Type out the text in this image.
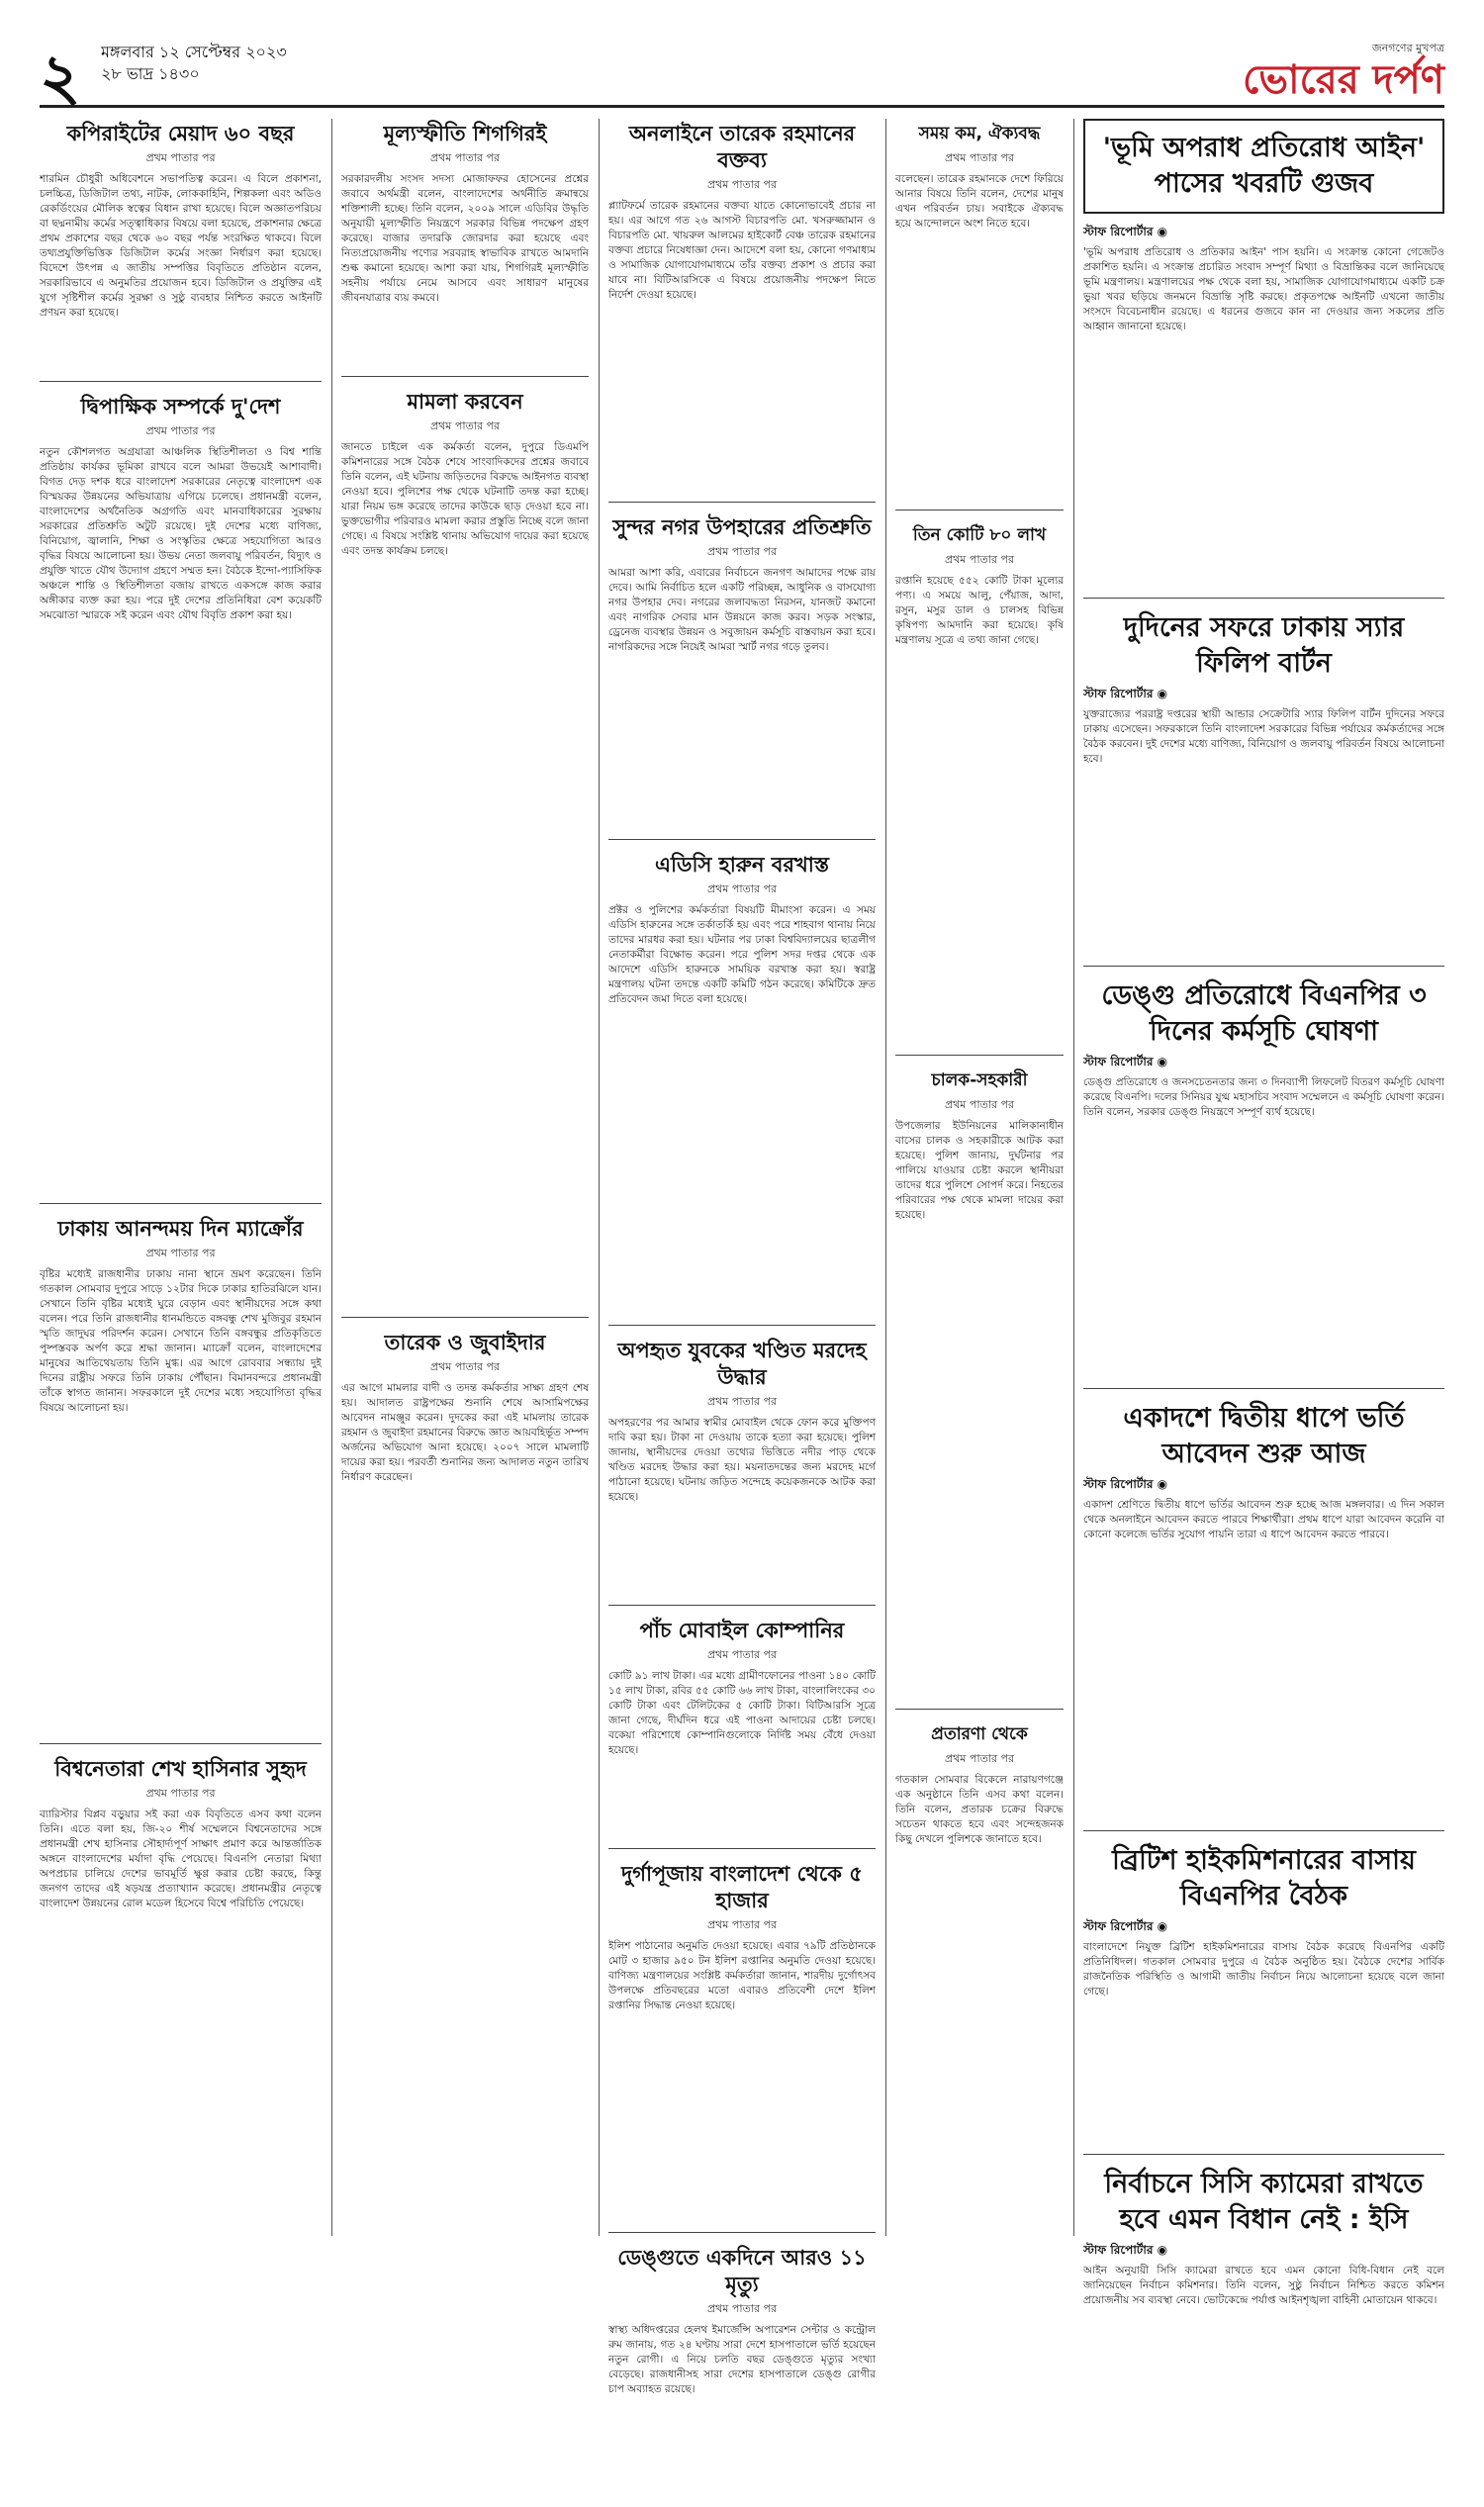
২ মঙ্গলবার ১২ সেপ্টেম্বর ২০২৩
২৮ ভাদ্র ১৪৩০
জনগণের মুখপত্র
ভোরের দর্পণ
কপিরাইটের মেয়াদ ৬০ বছর
প্রথম পাতার পর
শারমিন চৌধুরী অধিবেশনে সভাপতিত্ব করেন। এ বিলে প্রকাশনা, চলচ্চিত্র, ডিজিটাল তথ্য, নাটক, লোককাহিনি, শিল্পকলা এবং অডিও রেকর্ডিংয়ের মৌলিক স্বত্বের বিধান রাখা হয়েছে। বিলে অজ্ঞাতপরিচয় বা ছদ্মনামীয় কর্মের সত্ত্বাধিকার বিষয়ে বলা হয়েছে, প্রকাশনার ক্ষেত্রে প্রথম প্রকাশের বছর থেকে ৬০ বছর পর্যন্ত সংরক্ষিত থাকবে। বিলে তথ্যপ্রযুক্তিভিত্তিক ডিজিটাল কর্মের সংজ্ঞা নির্ধারণ করা হয়েছে। বিদেশে উৎপন্ন এ জাতীয় সম্পত্তির বিবৃতিতে প্রতিষ্ঠান বলেন, সরকারিভাবে এ অনুমতির প্রয়োজন হবে। ডিজিটাল ও প্রযুক্তির এই যুগে সৃষ্টিশীল কর্মের সুরক্ষা ও সুষ্ঠু ব্যবহার নিশ্চিত করতে আইনটি প্রণয়ন করা হয়েছে।
দ্বিপাক্ষিক সম্পর্কে দু'দেশ
প্রথম পাতার পর
নতুন কৌশলগত অগ্রযাত্রা আঞ্চলিক স্থিতিশীলতা ও বিশ্ব শান্তি প্রতিষ্ঠায় কার্যকর ভূমিকা রাখবে বলে আমরা উভয়েই আশাবাদী। বিগত দেড় দশক ধরে বাংলাদেশ সরকারের নেতৃত্বে বাংলাদেশ এক বিস্ময়কর উন্নয়নের অভিযাত্রায় এগিয়ে চলেছে। প্রধানমন্ত্রী বলেন, বাংলাদেশের অর্থনৈতিক অগ্রগতি এবং মানবাধিকারের সুরক্ষায় সরকারের প্রতিশ্রুতি অটুট রয়েছে। দুই দেশের মধ্যে বাণিজ্য, বিনিয়োগ, জ্বালানি, শিক্ষা ও সংস্কৃতির ক্ষেত্রে সহযোগিতা আরও বৃদ্ধির বিষয়ে আলোচনা হয়। উভয় নেতা জলবায়ু পরিবর্তন, বিদ্যুৎ ও প্রযুক্তি খাতে যৌথ উদ্যোগ গ্রহণে সম্মত হন। বৈঠকে ইন্দো-প্যাসিফিক অঞ্চলে শান্তি ও স্থিতিশীলতা বজায় রাখতে একসঙ্গে কাজ করার অঙ্গীকার ব্যক্ত করা হয়। পরে দুই দেশের প্রতিনিধিরা বেশ কয়েকটি সমঝোতা স্মারকে সই করেন এবং যৌথ বিবৃতি প্রকাশ করা হয়।
ঢাকায় আনন্দময় দিন ম্যাক্রোঁর
প্রথম পাতার পর
বৃষ্টির মধ্যেই রাজধানীর ঢাকায় নানা স্থানে ভ্রমণ করেছেন। তিনি গতকাল সোমবার দুপুরে সাড়ে ১২টার দিকে ঢাকার হাতিরঝিলে যান। সেখানে তিনি বৃষ্টির মধ্যেই ঘুরে বেড়ান এবং স্থানীয়দের সঙ্গে কথা বলেন। পরে তিনি রাজধানীর ধানমন্ডিতে বঙ্গবন্ধু শেখ মুজিবুর রহমান স্মৃতি জাদুঘর পরিদর্শন করেন। সেখানে তিনি বঙ্গবন্ধুর প্রতিকৃতিতে পুষ্পস্তবক অর্পণ করে শ্রদ্ধা জানান। ম্যাক্রোঁ বলেন, বাংলাদেশের মানুষের আতিথেয়তায় তিনি মুগ্ধ। এর আগে রোববার সন্ধ্যায় দুই দিনের রাষ্ট্রীয় সফরে তিনি ঢাকায় পৌঁছান। বিমানবন্দরে প্রধানমন্ত্রী তাঁকে স্বাগত জানান। সফরকালে দুই দেশের মধ্যে সহযোগিতা বৃদ্ধির বিষয়ে আলোচনা হয়।
বিশ্বনেতারা শেখ হাসিনার সুহৃদ
প্রথম পাতার পর
ব্যারিস্টার বিপ্লব বড়ুয়ার সই করা এক বিবৃতিতে এসব কথা বলেন তিনি। এতে বলা হয়, জি-২০ শীর্ষ সম্মেলনে বিশ্বনেতাদের সঙ্গে প্রধানমন্ত্রী শেখ হাসিনার সৌহার্দ্যপূর্ণ সাক্ষাৎ প্রমাণ করে আন্তর্জাতিক অঙ্গনে বাংলাদেশের মর্যাদা বৃদ্ধি পেয়েছে। বিএনপি নেতারা মিথ্যা অপপ্রচার চালিয়ে দেশের ভাবমূর্তি ক্ষুণ্ণ করার চেষ্টা করছে, কিন্তু জনগণ তাদের এই ষড়যন্ত্র প্রত্যাখ্যান করেছে। প্রধানমন্ত্রীর নেতৃত্বে বাংলাদেশ উন্নয়নের রোল মডেল হিসেবে বিশ্বে পরিচিতি পেয়েছে।
মূল্যস্ফীতি শিগগিরই
প্রথম পাতার পর
সরকারদলীয় সংসদ সদস্য মোজাফফর হোসেনের প্রশ্নের জবাবে অর্থমন্ত্রী বলেন, বাংলাদেশের অর্থনীতি ক্রমান্বয়ে শক্তিশালী হচ্ছে। তিনি বলেন, ২০০৯ সালে এডিবির উদ্ধৃতি অনুযায়ী মূল্যস্ফীতি নিয়ন্ত্রণে সরকার বিভিন্ন পদক্ষেপ গ্রহণ করেছে। বাজার তদারকি জোরদার করা হয়েছে এবং নিত্যপ্রয়োজনীয় পণ্যের সরবরাহ স্বাভাবিক রাখতে আমদানি শুল্ক কমানো হয়েছে। আশা করা যায়, শিগগিরই মূল্যস্ফীতি সহনীয় পর্যায়ে নেমে আসবে এবং সাধারণ মানুষের জীবনযাত্রার ব্যয় কমবে।
মামলা করবেন
প্রথম পাতার পর
জানতে চাইলে এক কর্মকর্তা বলেন, দুপুরে ডিএমপি কমিশনারের সঙ্গে বৈঠক শেষে সাংবাদিকদের প্রশ্নের জবাবে তিনি বলেন, এই ঘটনায় জড়িতদের বিরুদ্ধে আইনগত ব্যবস্থা নেওয়া হবে। পুলিশের পক্ষ থেকে ঘটনাটি তদন্ত করা হচ্ছে। যারা নিয়ম ভঙ্গ করেছে তাদের কাউকে ছাড় দেওয়া হবে না। ভুক্তভোগীর পরিবারও মামলা করার প্রস্তুতি নিচ্ছে বলে জানা গেছে। এ বিষয়ে সংশ্লিষ্ট থানায় অভিযোগ দায়ের করা হয়েছে এবং তদন্ত কার্যক্রম চলছে।
তারেক ও জুবাইদার
প্রথম পাতার পর
এর আগে মামলার বাদী ও তদন্ত কর্মকর্তার সাক্ষ্য গ্রহণ শেষ হয়। আদালত রাষ্ট্রপক্ষের শুনানি শেষে আসামিপক্ষের আবেদন নামঞ্জুর করেন। দুদকের করা এই মামলায় তারেক রহমান ও জুবাইদা রহমানের বিরুদ্ধে জ্ঞাত আয়বহির্ভূত সম্পদ অর্জনের অভিযোগ আনা হয়েছে। ২০০৭ সালে মামলাটি দায়ের করা হয়। পরবর্তী শুনানির জন্য আদালত নতুন তারিখ নির্ধারণ করেছেন।
অনলাইনে তারেক রহমানের বক্তব্য
প্রথম পাতার পর
প্ল্যাটফর্মে তারেক রহমানের বক্তব্য যাতে কোনোভাবেই প্রচার না হয়। এর আগে গত ২৬ আগস্ট বিচারপতি মো. খসরুজ্জামান ও বিচারপতি মো. খায়রুল আলমের হাইকোর্ট বেঞ্চ তারেক রহমানের বক্তব্য প্রচারে নিষেধাজ্ঞা দেন। আদেশে বলা হয়, কোনো গণমাধ্যম ও সামাজিক যোগাযোগমাধ্যমে তাঁর বক্তব্য প্রকাশ ও প্রচার করা যাবে না। বিটিআরসিকে এ বিষয়ে প্রয়োজনীয় পদক্ষেপ নিতে নির্দেশ দেওয়া হয়েছে।
সুন্দর নগর উপহারের প্রতিশ্রুতি
প্রথম পাতার পর
আমরা আশা করি, এবারের নির্বাচনে জনগণ আমাদের পক্ষে রায় দেবে। আমি নির্বাচিত হলে একটি পরিচ্ছন্ন, আধুনিক ও বাসযোগ্য নগর উপহার দেব। নগরের জলাবদ্ধতা নিরসন, যানজট কমানো এবং নাগরিক সেবার মান উন্নয়নে কাজ করব। সড়ক সংস্কার, ড্রেনেজ ব্যবস্থার উন্নয়ন ও সবুজায়ন কর্মসূচি বাস্তবায়ন করা হবে। নাগরিকদের সঙ্গে নিয়েই আমরা স্মার্ট নগর গড়ে তুলব।
এডিসি হারুন বরখাস্ত
প্রথম পাতার পর
প্রক্টর ও পুলিশের কর্মকর্তারা বিষয়টি মীমাংসা করেন। এ সময় এডিসি হারুনের সঙ্গে তর্কাতর্কি হয় এবং পরে শাহবাগ থানায় নিয়ে তাদের মারধর করা হয়। ঘটনার পর ঢাকা বিশ্ববিদ্যালয়ের ছাত্রলীগ নেতাকর্মীরা বিক্ষোভ করেন। পরে পুলিশ সদর দপ্তর থেকে এক আদেশে এডিসি হারুনকে সাময়িক বরখাস্ত করা হয়। স্বরাষ্ট্র মন্ত্রণালয় ঘটনা তদন্তে একটি কমিটি গঠন করেছে। কমিটিকে দ্রুত প্রতিবেদন জমা দিতে বলা হয়েছে।
অপহৃত যুবকের খণ্ডিত মরদেহ উদ্ধার
প্রথম পাতার পর
অপহরণের পর আমার স্বামীর মোবাইল থেকে ফোন করে মুক্তিপণ দাবি করা হয়। টাকা না দেওয়ায় তাকে হত্যা করা হয়েছে। পুলিশ জানায়, স্থানীয়দের দেওয়া তথ্যের ভিত্তিতে নদীর পাড় থেকে খণ্ডিত মরদেহ উদ্ধার করা হয়। ময়নাতদন্তের জন্য মরদেহ মর্গে পাঠানো হয়েছে। ঘটনায় জড়িত সন্দেহে কয়েকজনকে আটক করা হয়েছে।
পাঁচ মোবাইল কোম্পানির
প্রথম পাতার পর
কোটি ৯১ লাখ টাকা। এর মধ্যে গ্রামীণফোনের পাওনা ১৪০ কোটি ১৫ লাখ টাকা, রবির ৫৫ কোটি ৬৬ লাখ টাকা, বাংলালিংকের ৩০ কোটি টাকা এবং টেলিটকের ৫ কোটি টাকা। বিটিআরসি সূত্রে জানা গেছে, দীর্ঘদিন ধরে এই পাওনা আদায়ের চেষ্টা চলছে। বকেয়া পরিশোধে কোম্পানিগুলোকে নির্দিষ্ট সময় বেঁধে দেওয়া হয়েছে।
দুর্গাপূজায় বাংলাদেশ থেকে ৫ হাজার
প্রথম পাতার পর
ইলিশ পাঠানোর অনুমতি দেওয়া হয়েছে। এবার ৭৯টি প্রতিষ্ঠানকে মোট ৩ হাজার ৯৫০ টন ইলিশ রপ্তানির অনুমতি দেওয়া হয়েছে। বাণিজ্য মন্ত্রণালয়ের সংশ্লিষ্ট কর্মকর্তারা জানান, শারদীয় দুর্গোৎসব উপলক্ষে প্রতিবছরের মতো এবারও প্রতিবেশী দেশে ইলিশ রপ্তানির সিদ্ধান্ত নেওয়া হয়েছে।
ডেঙ্গুতে একদিনে আরও ১১ মৃত্যু
প্রথম পাতার পর
স্বাস্থ্য অধিদপ্তরের হেলথ ইমার্জেন্সি অপারেশন সেন্টার ও কন্ট্রোল রুম জানায়, গত ২৪ ঘণ্টায় সারা দেশে হাসপাতালে ভর্তি হয়েছেন নতুন রোগী। এ নিয়ে চলতি বছর ডেঙ্গুতে মৃত্যুর সংখ্যা বেড়েছে। রাজধানীসহ সারা দেশের হাসপাতালে ডেঙ্গু রোগীর চাপ অব্যাহত রয়েছে।
সময় কম, ঐক্যবদ্ধ
প্রথম পাতার পর
বলেছেন। তারেক রহমানকে দেশে ফিরিয়ে আনার বিষয়ে তিনি বলেন, দেশের মানুষ এখন পরিবর্তন চায়। সবাইকে ঐক্যবদ্ধ হয়ে আন্দোলনে অংশ নিতে হবে।
তিন কোটি ৮০ লাখ
প্রথম পাতার পর
রপ্তানি হয়েছে ৫৫২ কোটি টাকা মূল্যের পণ্য। এ সময়ে আলু, পেঁয়াজ, আদা, রসুন, মসুর ডাল ও চালসহ বিভিন্ন কৃষিপণ্য আমদানি করা হয়েছে। কৃষি মন্ত্রণালয় সূত্রে এ তথ্য জানা গেছে।
চালক-সহকারী
প্রথম পাতার পর
উপজেলার ইউনিয়নের মালিকানাধীন বাসের চালক ও সহকারীকে আটক করা হয়েছে। পুলিশ জানায়, দুর্ঘটনার পর পালিয়ে যাওয়ার চেষ্টা করলে স্থানীয়রা তাদের ধরে পুলিশে সোপর্দ করে। নিহতের পরিবারের পক্ষ থেকে মামলা দায়ের করা হয়েছে।
প্রতারণা থেকে
প্রথম পাতার পর
গতকাল সোমবার বিকেলে নারায়ণগঞ্জে এক অনুষ্ঠানে তিনি এসব কথা বলেন। তিনি বলেন, প্রতারক চক্রের বিরুদ্ধে সচেতন থাকতে হবে এবং সন্দেহজনক কিছু দেখলে পুলিশকে জানাতে হবে।
'ভূমি অপরাধ প্রতিরোধ আইন' পাসের খবরটি গুজব
স্টাফ রিপোর্টার ◉
'ভূমি অপরাধ প্রতিরোধ ও প্রতিকার আইন' পাস হয়নি। এ সংক্রান্ত কোনো গেজেটও প্রকাশিত হয়নি। এ সংক্রান্ত প্রচারিত সংবাদ সম্পূর্ণ মিথ্যা ও বিভ্রান্তিকর বলে জানিয়েছে ভূমি মন্ত্রণালয়। মন্ত্রণালয়ের পক্ষ থেকে বলা হয়, সামাজিক যোগাযোগমাধ্যমে একটি চক্র ভুয়া খবর ছড়িয়ে জনমনে বিভ্রান্তি সৃষ্টি করছে। প্রকৃতপক্ষে আইনটি এখনো জাতীয় সংসদে বিবেচনাধীন রয়েছে। এ ধরনের গুজবে কান না দেওয়ার জন্য সকলের প্রতি আহ্বান জানানো হয়েছে।
দুদিনের সফরে ঢাকায় স্যার ফিলিপ বার্টন
স্টাফ রিপোর্টার ◉
যুক্তরাজ্যের পররাষ্ট্র দপ্তরের স্থায়ী আন্ডার সেক্রেটারি স্যার ফিলিপ বার্টন দুদিনের সফরে ঢাকায় এসেছেন। সফরকালে তিনি বাংলাদেশ সরকারের বিভিন্ন পর্যায়ের কর্মকর্তাদের সঙ্গে বৈঠক করবেন। দুই দেশের মধ্যে বাণিজ্য, বিনিয়োগ ও জলবায়ু পরিবর্তন বিষয়ে আলোচনা হবে।
ডেঙ্গু প্রতিরোধে বিএনপির ৩ দিনের কর্মসূচি ঘোষণা
স্টাফ রিপোর্টার ◉
ডেঙ্গু প্রতিরোধে ও জনসচেতনতার জন্য ৩ দিনব্যাপী লিফলেট বিতরণ কর্মসূচি ঘোষণা করেছে বিএনপি। দলের সিনিয়র যুগ্ম মহাসচিব সংবাদ সম্মেলনে এ কর্মসূচি ঘোষণা করেন। তিনি বলেন, সরকার ডেঙ্গু নিয়ন্ত্রণে সম্পূর্ণ ব্যর্থ হয়েছে।
একাদশে দ্বিতীয় ধাপে ভর্তি আবেদন শুরু আজ
স্টাফ রিপোর্টার ◉
একাদশ শ্রেণিতে দ্বিতীয় ধাপে ভর্তির আবেদন শুরু হচ্ছে আজ মঙ্গলবার। এ দিন সকাল থেকে অনলাইনে আবেদন করতে পারবে শিক্ষার্থীরা। প্রথম ধাপে যারা আবেদন করেনি বা কোনো কলেজে ভর্তির সুযোগ পায়নি তারা এ ধাপে আবেদন করতে পারবে।
ব্রিটিশ হাইকমিশনারের বাসায় বিএনপির বৈঠক
স্টাফ রিপোর্টার ◉
বাংলাদেশে নিযুক্ত ব্রিটিশ হাইকমিশনারের বাসায় বৈঠক করেছে বিএনপির একটি প্রতিনিধিদল। গতকাল সোমবার দুপুরে এ বৈঠক অনুষ্ঠিত হয়। বৈঠকে দেশের সার্বিক রাজনৈতিক পরিস্থিতি ও আগামী জাতীয় নির্বাচন নিয়ে আলোচনা হয়েছে বলে জানা গেছে।
নির্বাচনে সিসি ক্যামেরা রাখতে হবে এমন বিধান নেই : ইসি
স্টাফ রিপোর্টার ◉
আইন অনুযায়ী সিসি ক্যামেরা রাখতে হবে এমন কোনো বিধি-বিধান নেই বলে জানিয়েছেন নির্বাচন কমিশনার। তিনি বলেন, সুষ্ঠু নির্বাচন নিশ্চিত করতে কমিশন প্রয়োজনীয় সব ব্যবস্থা নেবে। ভোটকেন্দ্রে পর্যাপ্ত আইনশৃঙ্খলা বাহিনী মোতায়েন থাকবে।
